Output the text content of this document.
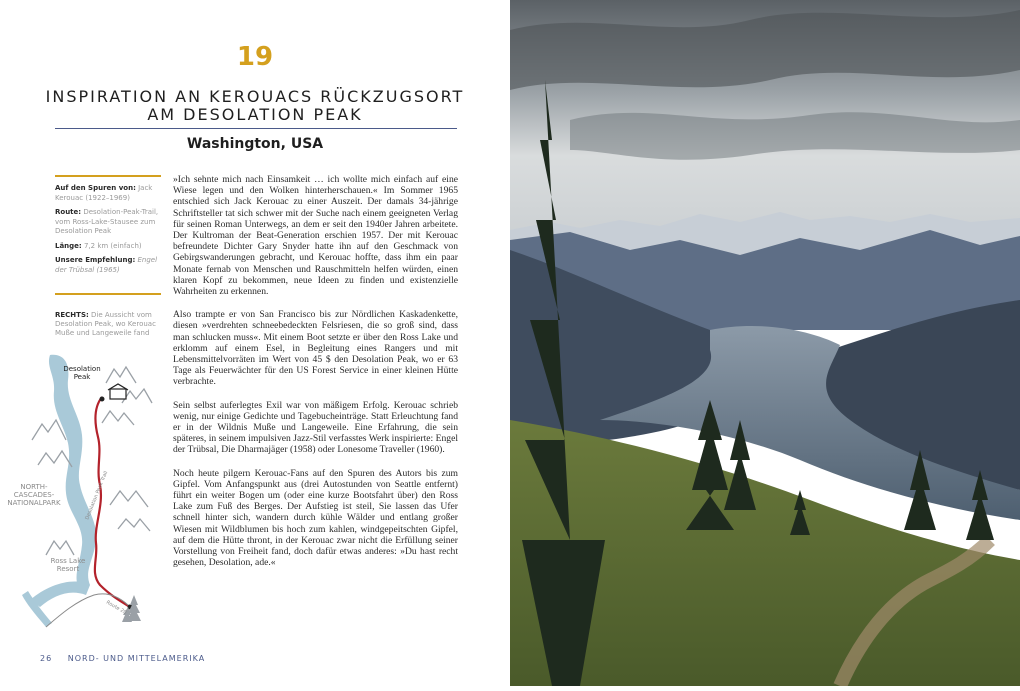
19
INSPIRATION AN KEROUACS RÜCKZUGSORT
AM DESOLATION PEAK
Washington, USA
Auf den Spuren von: Jack Kerouac (1922–1969)
Route: Desolation-Peak-Trail, vom Ross-Lake-Stausee zum Desolation Peak
Länge: 7,2 km (einfach)
Unsere Empfehlung: Engel der Trübsal (1965)
RECHTS: Die Aussicht vom Desolation Peak, wo Kerouac Muße und Langeweile fand
Desolation Peak Trail
Route 20
Desolation
Peak
NORTH-
CASCADES-
NATIONALPARK
Ross Lake
Resort

»Ich sehnte mich nach Einsamkeit … ich wollte mich einfach auf eine Wiese legen und den Wolken hinterherschauen.« Im Sommer 1965 entschied sich Jack Kerouac zu einer Auszeit. Der damals 34-jährige Schriftsteller tat sich schwer mit der Suche nach einem geeigneten Verlag für seinen Roman Unterwegs, an dem er seit den 1940er Jahren arbeitete. Der Kultroman der Beat-Generation erschien 1957. Der mit Kerouac befreundete Dichter Gary Snyder hatte ihn auf den Geschmack von Gebirgswanderungen gebracht, und Kerouac hoffte, dass ihm ein paar Monate fernab von Menschen und Rauschmitteln helfen würden, einen klaren Kopf zu bekommen, neue Ideen zu finden und existenzielle Wahrheiten zu erkennen.

Also trampte er von San Francisco bis zur Nördlichen Kaskadenkette, diesen »verdrehten schneebedeckten Felsriesen, die so groß sind, dass man schlucken muss«. Mit einem Boot setzte er über den Ross Lake und erklomm auf einem Esel, in Begleitung eines Rangers und mit Lebensmittelvorräten im Wert von 45 $ den Desolation Peak, wo er 63 Tage als Feuerwächter für den US Forest Service in einer kleinen Hütte verbrachte.

Sein selbst auferlegtes Exil war von mäßigem Erfolg. Kerouac schrieb wenig, nur einige Gedichte und Tagebucheinträge. Statt Erleuchtung fand er in der Wildnis Muße und Langeweile. Eine Erfahrung, die sein späteres, in seinem impulsiven Jazz-Stil verfasstes Werk inspirierte: Engel der Trübsal, Die Dharmajäger (1958) oder Lonesome Traveller (1960).

Noch heute pilgern Kerouac-Fans auf den Spuren des Autors bis zum Gipfel. Vom Anfangspunkt aus (drei Autostunden von Seattle entfernt) führt ein weiter Bogen um (oder eine kurze Bootsfahrt über) den Ross Lake zum Fuß des Berges. Der Aufstieg ist steil, Sie lassen das Ufer schnell hinter sich, wandern durch kühle Wälder und entlang großer Wiesen mit Wildblumen bis hoch zum kahlen, windgepeitschten Gipfel, auf dem die Hütte thront, in der Kerouac zwar nicht die Erfüllung seiner Vorstellung von Freiheit fand, doch dafür etwas anderes: »Du hast recht gesehen, Desolation, ade.«

26 NORD- UND MITTELAMERIKA
